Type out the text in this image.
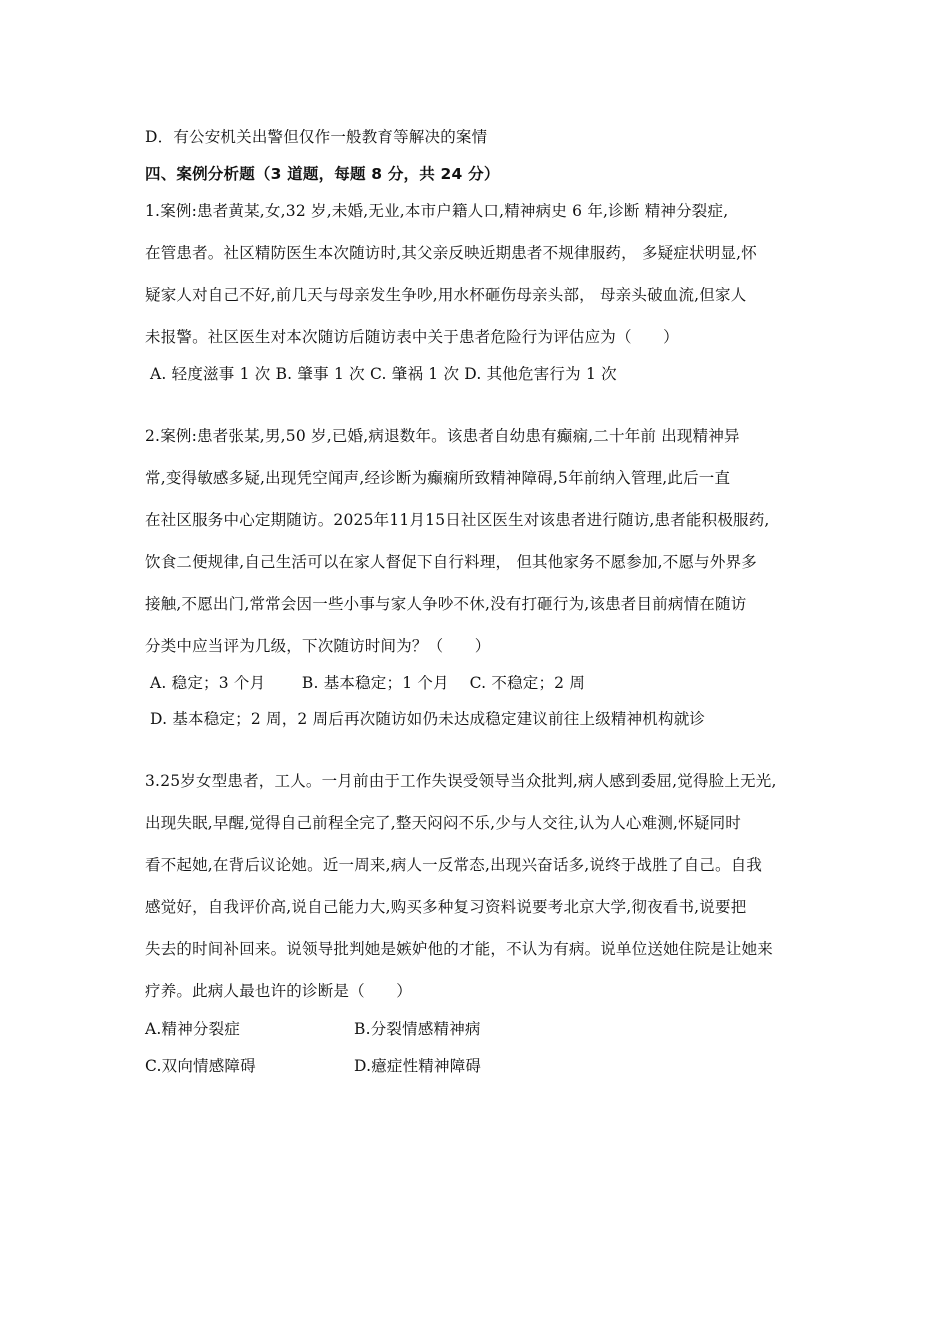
D．有公安机关出警但仅作一般教育等解决的案情
四、案例分析题（3 道题，每题 8 分，共 24 分）
1.案例:患者黄某,女,32 岁,未婚,无业,本市户籍人口,精神病史 6 年,诊断 精神分裂症,
在管患者。社区精防医生本次随访时,其父亲反映近期患者不规律服药， 多疑症状明显,怀
疑家人对自己不好,前几天与母亲发生争吵,用水杯砸伤母亲头部， 母亲头破血流,但家人
未报警。社区医生对本次随访后随访表中关于患者危险行为评估应为（　　）
A. 轻度滋事 1 次 B. 肇事 1 次 C. 肇祸 1 次 D. 其他危害行为 1 次
2.案例:患者张某,男,50 岁,已婚,病退数年。该患者自幼患有癫痫,二十年前 出现精神异
常,变得敏感多疑,出现凭空闻声,经诊断为癫痫所致精神障碍,5年前纳入管理,此后一直
在社区服务中心定期随访。2025年11月15日社区医生对该患者进行随访,患者能积极服药,
饮食二便规律,自己生活可以在家人督促下自行料理， 但其他家务不愿参加,不愿与外界多
接触,不愿出门,常常会因一些小事与家人争吵不休,没有打砸行为,该患者目前病情在随访
分类中应当评为几级，下次随访时间为？（　　）
A. 稳定；3 个月　　 B. 基本稳定；1 个月　 C. 不稳定；2 周
D. 基本稳定；2 周，2 周后再次随访如仍未达成稳定建议前往上级精神机构就诊
3.25岁女型患者，工人。一月前由于工作失误受领导当众批判,病人感到委屈,觉得脸上无光,
出现失眠,早醒,觉得自己前程全完了,整天闷闷不乐,少与人交往,认为人心难测,怀疑同时
看不起她,在背后议论她。近一周来,病人一反常态,出现兴奋话多,说终于战胜了自己。自我
感觉好，自我评价高,说自己能力大,购买多种复习资料说要考北京大学,彻夜看书,说要把
失去的时间补回来。说领导批判她是嫉妒他的才能，不认为有病。说单位送她住院是让她来
疗养。此病人最也许的诊断是（　　）
A.精神分裂症	B.分裂情感精神病
C.双向情感障碍	D.癔症性精神障碍
